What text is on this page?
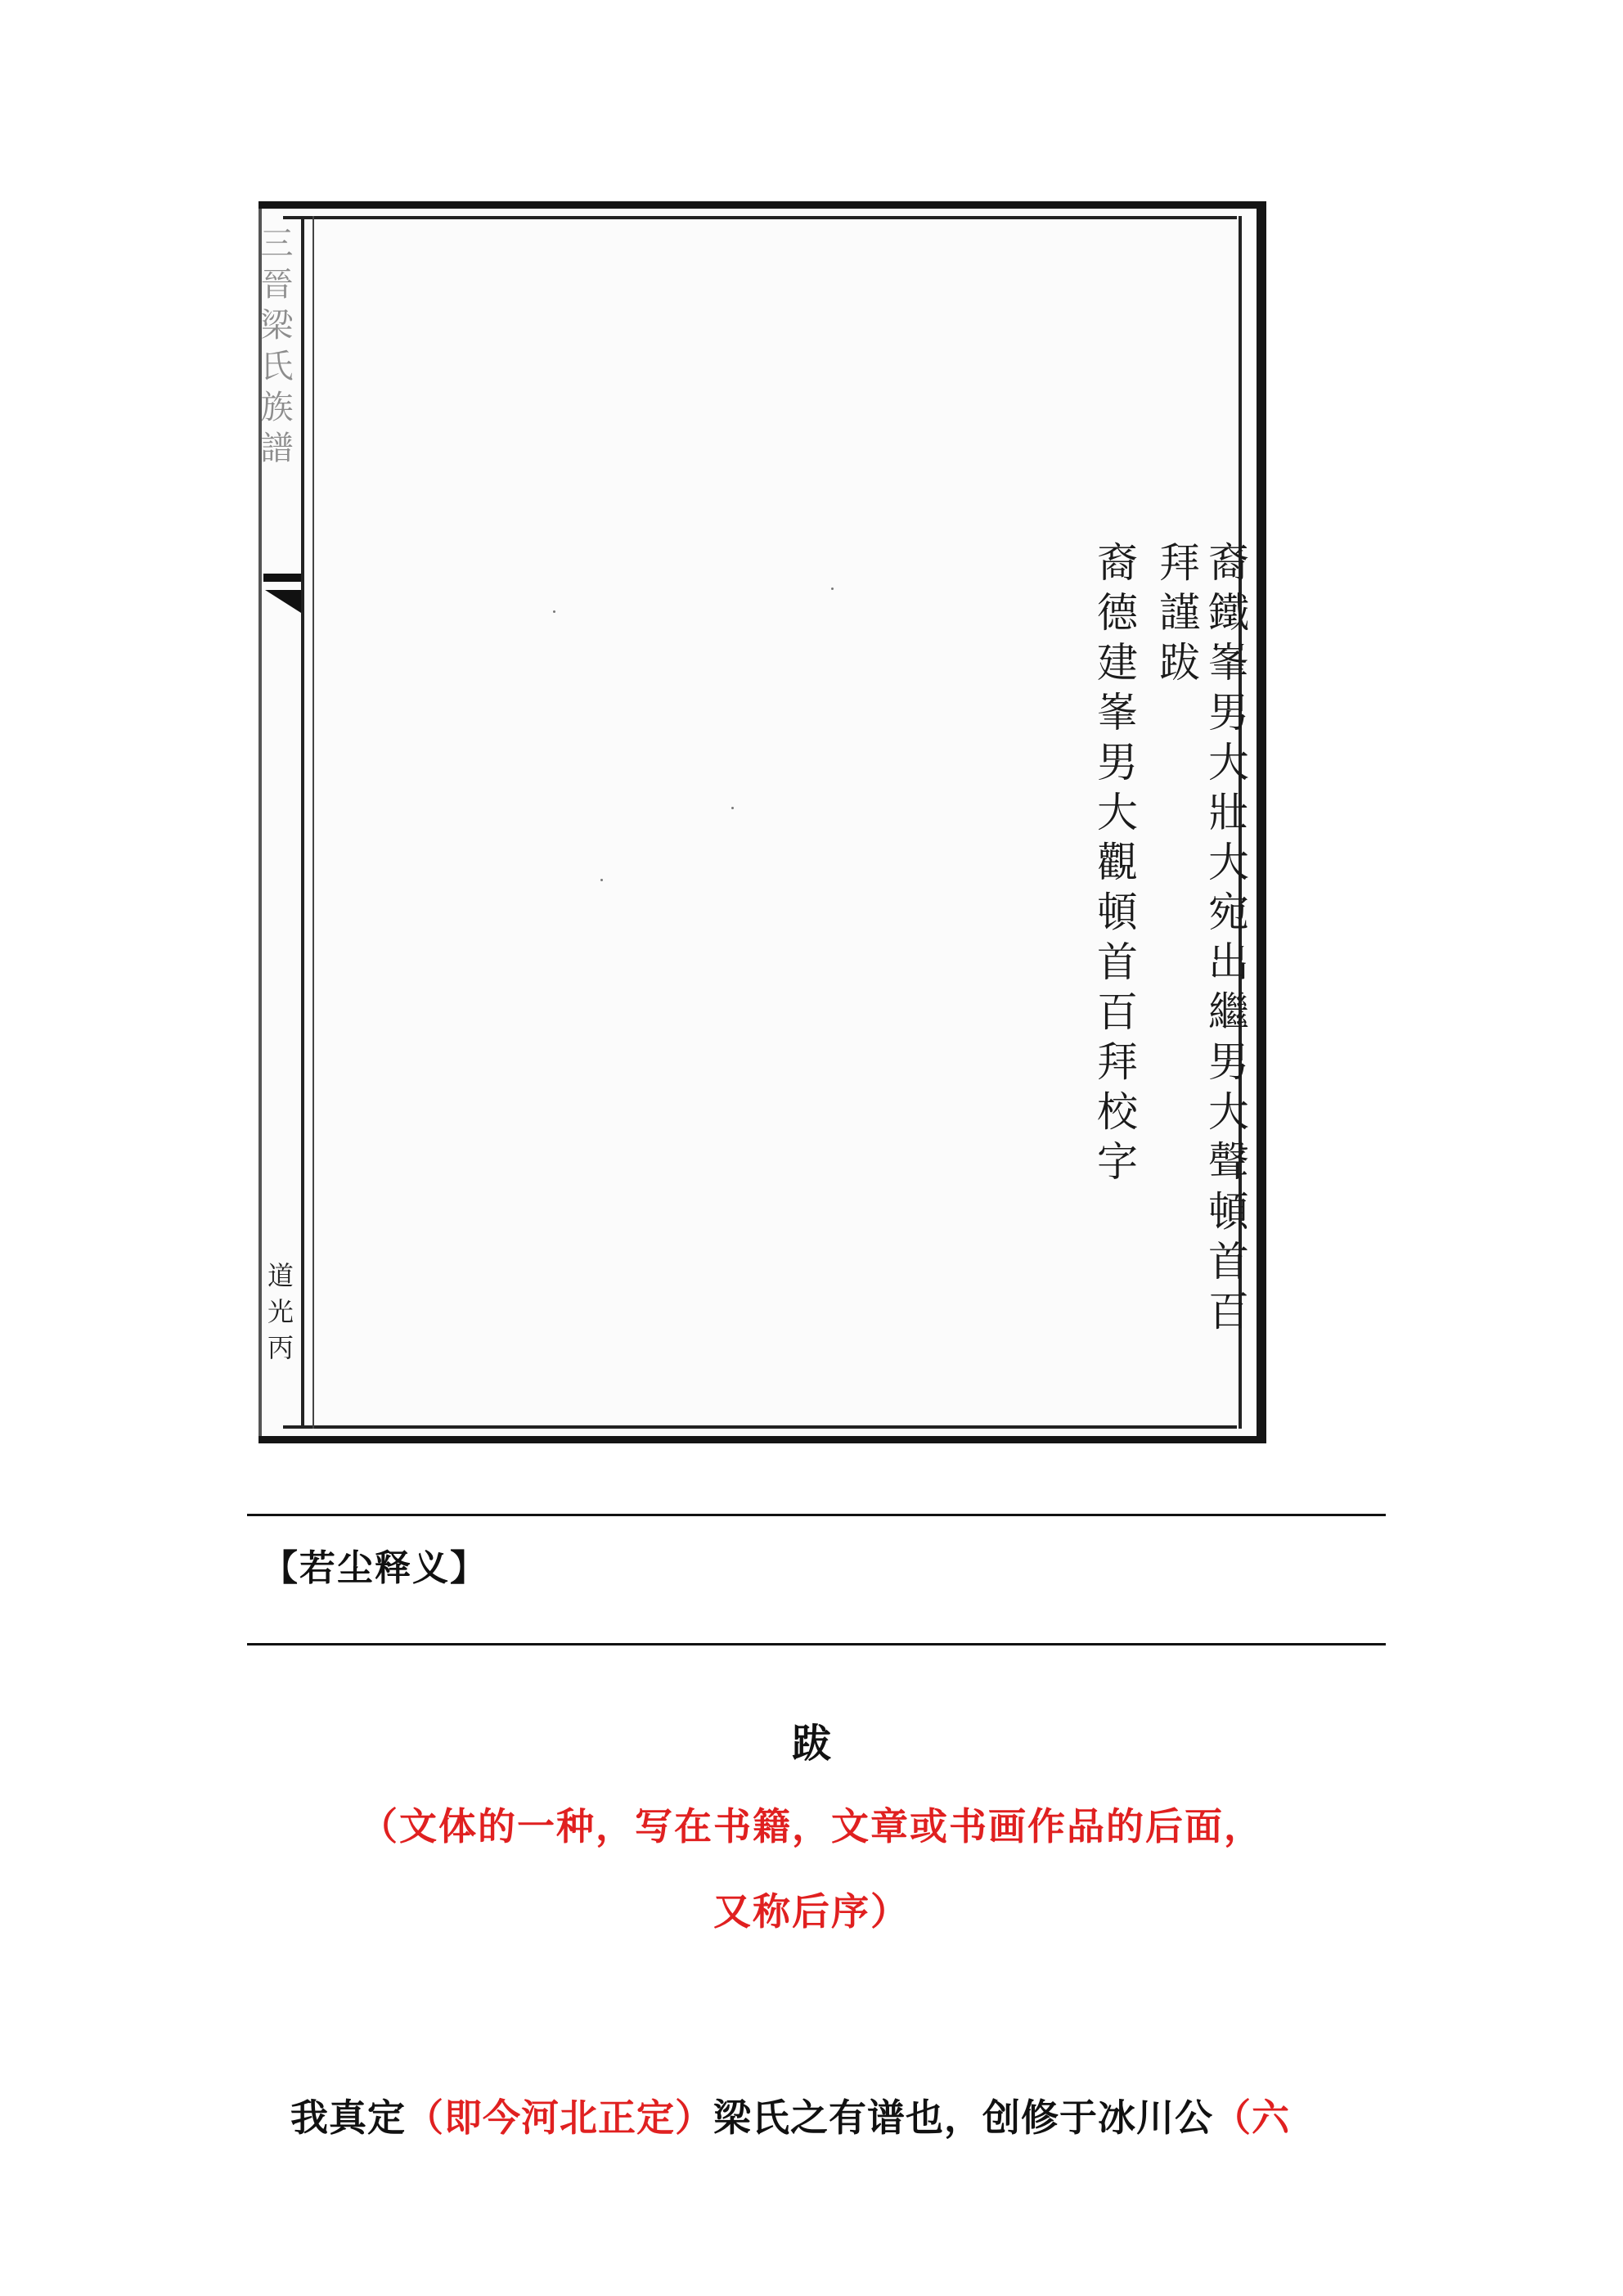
三晉梁氏族譜
道光丙	裔鐵峯男大壯大宛出繼男大聲頓首百拜謹跋
裔德建峯男大觀頓首百拜校字
【若尘释义】
跋
（文体的一种，写在书籍，文章或书画作品的后面，
又称后序）
我真定（即今河北正定）梁氏之有谱也，创修于冰川公（六
